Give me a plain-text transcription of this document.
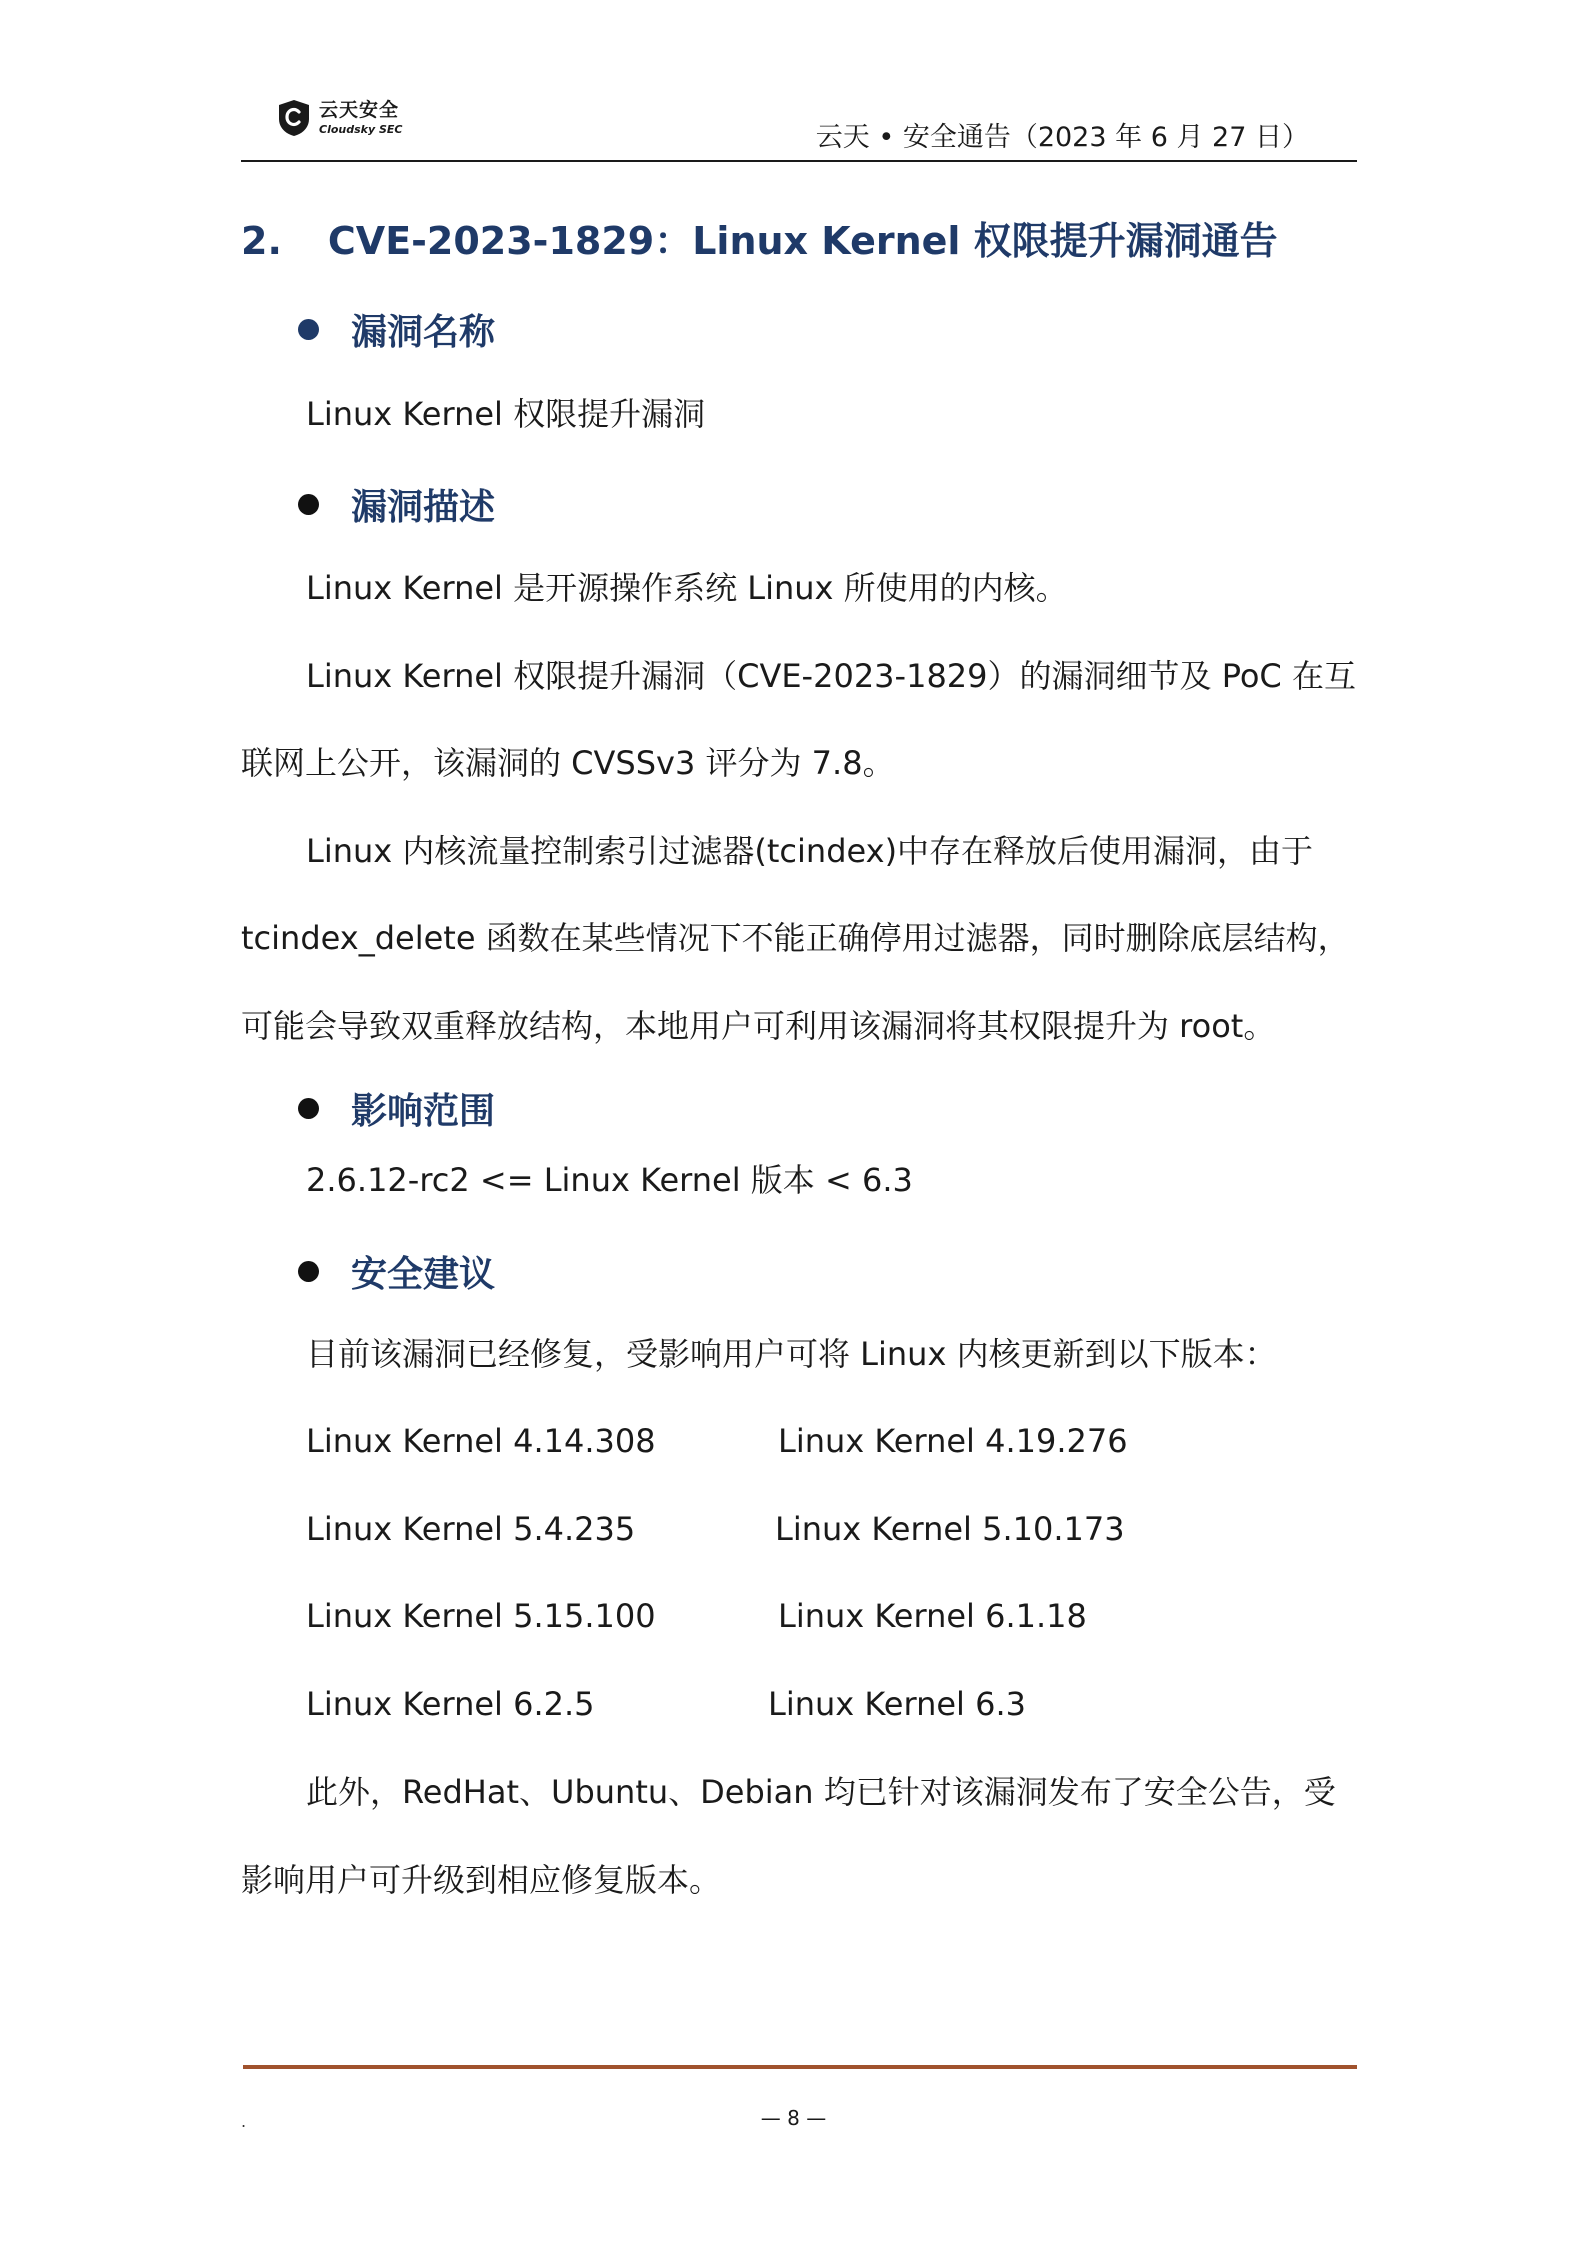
云天安全
Cloudsky SEC	云天 • 安全通告（2023 年 6 月 27 日）
2. CVE-2023-1829：Linux Kernel 权限提升漏洞通告
漏洞名称
Linux Kernel 权限提升漏洞
漏洞描述
Linux Kernel 是开源操作系统 Linux 所使用的内核。
Linux Kernel 权限提升漏洞（CVE-2023-1829）的漏洞细节及 PoC 在互
联网上公开，该漏洞的 CVSSv3 评分为 7.8。
Linux 内核流量控制索引过滤器(tcindex)中存在释放后使用漏洞，由于
tcindex_delete 函数在某些情况下不能正确停用过滤器，同时删除底层结构，
可能会导致双重释放结构，本地用户可利用该漏洞将其权限提升为 root。
影响范围
2.6.12-rc2 <= Linux Kernel 版本 < 6.3
安全建议
目前该漏洞已经修复，受影响用户可将 Linux 内核更新到以下版本：
Linux Kernel 4.14.308	Linux Kernel 4.19.276
Linux Kernel 5.4.235	Linux Kernel 5.10.173
Linux Kernel 5.15.100	Linux Kernel 6.1.18
Linux Kernel 6.2.5	Linux Kernel 6.3
此外，RedHat、Ubuntu、Debian 均已针对该漏洞发布了安全公告，受
影响用户可升级到相应修复版本。
.	— 8 —
